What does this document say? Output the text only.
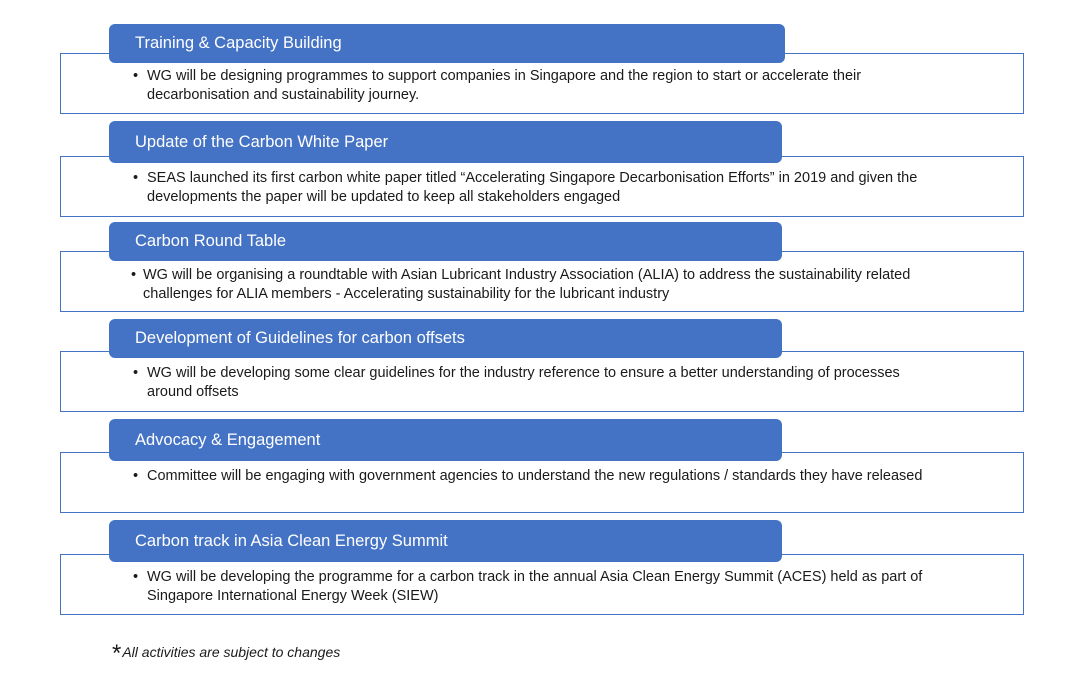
Training & Capacity Building
• WG will be designing programmes to support companies in Singapore and the region to start or accelerate their decarbonisation and sustainability journey.
Update of the Carbon White Paper
• SEAS launched its first carbon white paper titled “Accelerating Singapore Decarbonisation Efforts” in 2019 and given the developments the paper will be updated to keep all stakeholders engaged
Carbon Round Table
• WG will be organising a roundtable with Asian Lubricant Industry Association (ALIA) to address the sustainability related challenges for ALIA members - Accelerating sustainability for the lubricant industry
Development of Guidelines for carbon offsets
• WG will be developing some clear guidelines for the industry reference to ensure a better understanding of processes around offsets
Advocacy & Engagement
• Committee will be engaging with government agencies to understand the new regulations / standards they have released
Carbon track in Asia Clean Energy Summit
• WG will be developing the programme for a carbon track in the annual Asia Clean Energy Summit (ACES) held as part of Singapore International Energy Week (SIEW)
*All activities are subject to changes
